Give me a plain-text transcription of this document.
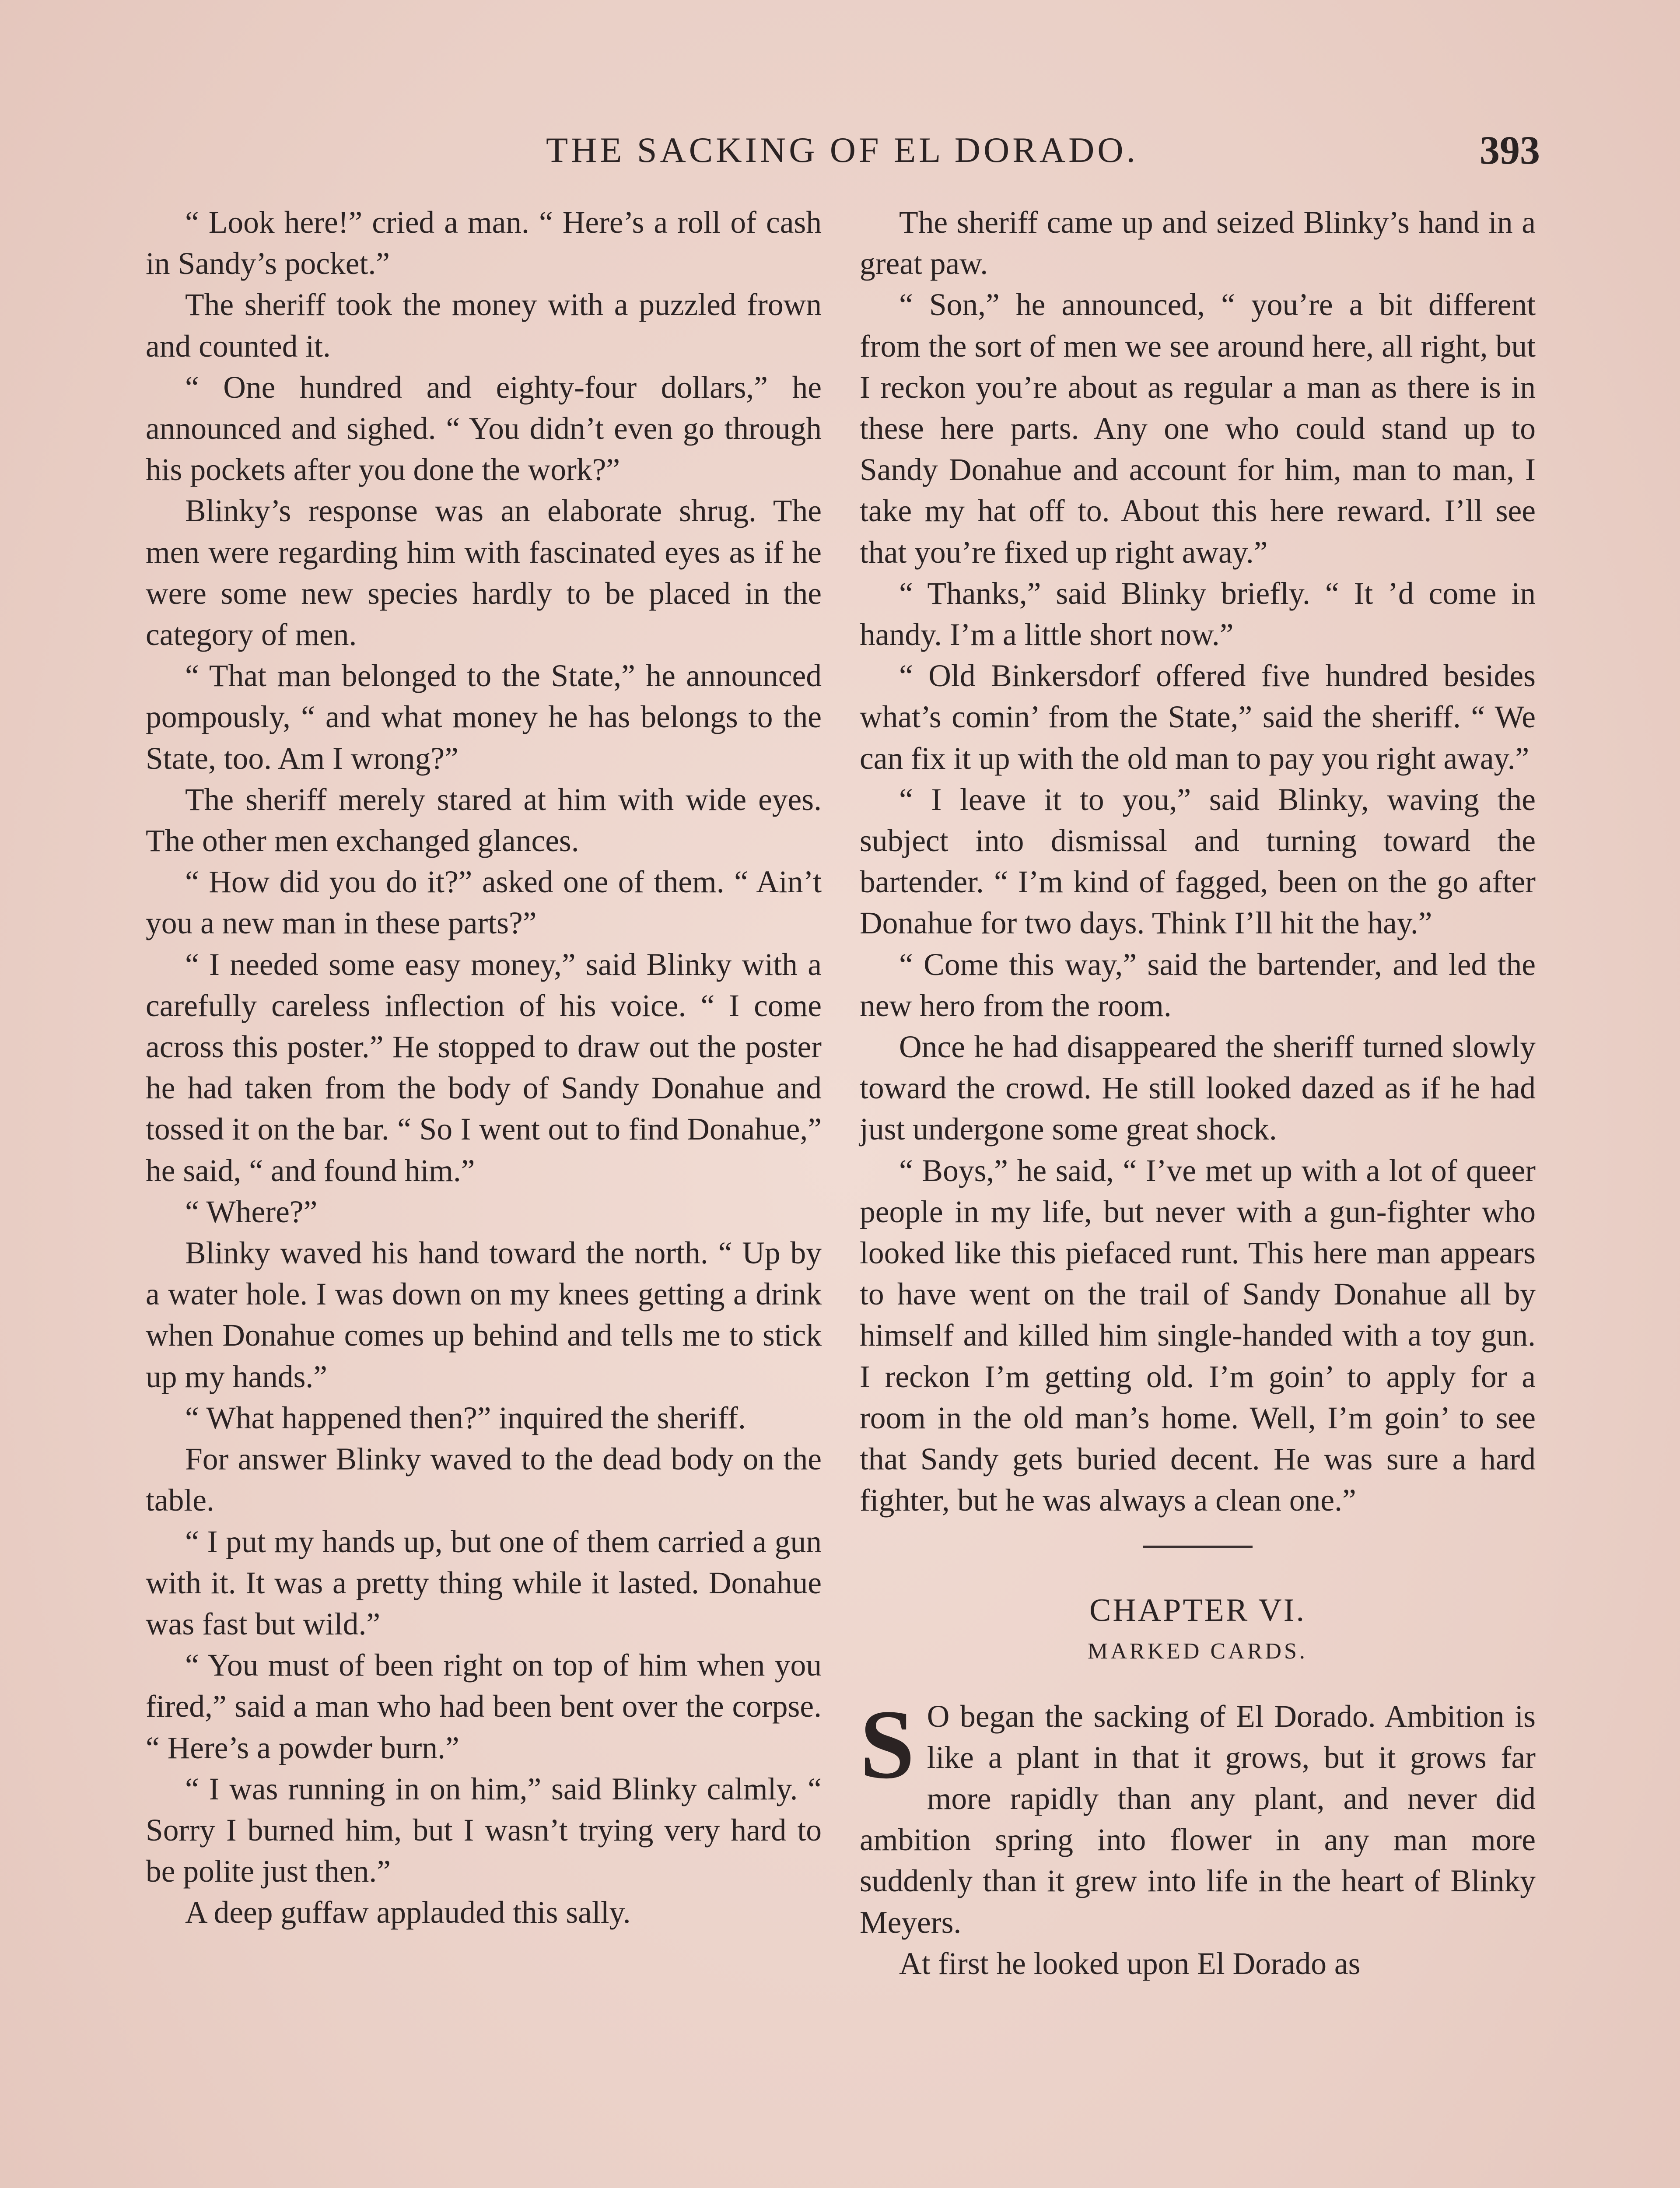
THE SACKING OF EL DORADO.	393

“ Look here!” cried a man. “ Here’s a roll of cash in Sandy’s pocket.”

The sheriff took the money with a puzzled frown and counted it.

“ One hundred and eighty-four dollars,” he announced and sighed. “ You didn’t even go through his pockets after you done the work?”

Blinky’s response was an elaborate shrug. The men were regarding him with fascinated eyes as if he were some new species hardly to be placed in the category of men.

“ That man belonged to the State,” he announced pompously, “ and what money he has belongs to the State, too. Am I wrong?”

The sheriff merely stared at him with wide eyes. The other men exchanged glances.

“ How did you do it?” asked one of them. “ Ain’t you a new man in these parts?”

“ I needed some easy money,” said Blinky with a carefully careless inflection of his voice. “ I come across this poster.” He stopped to draw out the poster he had taken from the body of Sandy Donahue and tossed it on the bar. “ So I went out to find Donahue,” he said, “ and found him.”

“ Where?”

Blinky waved his hand toward the north. “ Up by a water hole. I was down on my knees getting a drink when Donahue comes up behind and tells me to stick up my hands.”

“ What happened then?” inquired the sheriff.

For answer Blinky waved to the dead body on the table.

“ I put my hands up, but one of them carried a gun with it. It was a pretty thing while it lasted. Donahue was fast but wild.”

“ You must of been right on top of him when you fired,” said a man who had been bent over the corpse. “ Here’s a powder burn.”

“ I was running in on him,” said Blinky calmly. “ Sorry I burned him, but I wasn’t trying very hard to be polite just then.”

A deep guffaw applauded this sally.

The sheriff came up and seized Blinky’s hand in a great paw.

“ Son,” he announced, “ you’re a bit different from the sort of men we see around here, all right, but I reckon you’re about as regular a man as there is in these here parts. Any one who could stand up to Sandy Donahue and account for him, man to man, I take my hat off to. About this here reward. I’ll see that you’re fixed up right away.”

“ Thanks,” said Blinky briefly. “ It ’d come in handy. I’m a little short now.”

“ Old Binkersdorf offered five hundred besides what’s comin’ from the State,” said the sheriff. “ We can fix it up with the old man to pay you right away.”

“ I leave it to you,” said Blinky, waving the subject into dismissal and turning toward the bartender. “ I’m kind of fagged, been on the go after Donahue for two days. Think I’ll hit the hay.”

“ Come this way,” said the bartender, and led the new hero from the room.

Once he had disappeared the sheriff turned slowly toward the crowd. He still looked dazed as if he had just undergone some great shock.

“ Boys,” he said, “ I’ve met up with a lot of queer people in my life, but never with a gun-fighter who looked like this piefaced runt. This here man appears to have went on the trail of Sandy Donahue all by himself and killed him single-handed with a toy gun. I reckon I’m getting old. I’m goin’ to apply for a room in the old man’s home. Well, I’m goin’ to see that Sandy gets buried decent. He was sure a hard fighter, but he was always a clean one.”

CHAPTER VI.

MARKED CARDS.

S O began the sacking of El Dorado. Ambition is like a plant in that it grows, but it grows far more rapidly than any plant, and never did ambition spring into flower in any man more suddenly than it grew into life in the heart of Blinky Meyers.

At first he looked upon El Dorado as
